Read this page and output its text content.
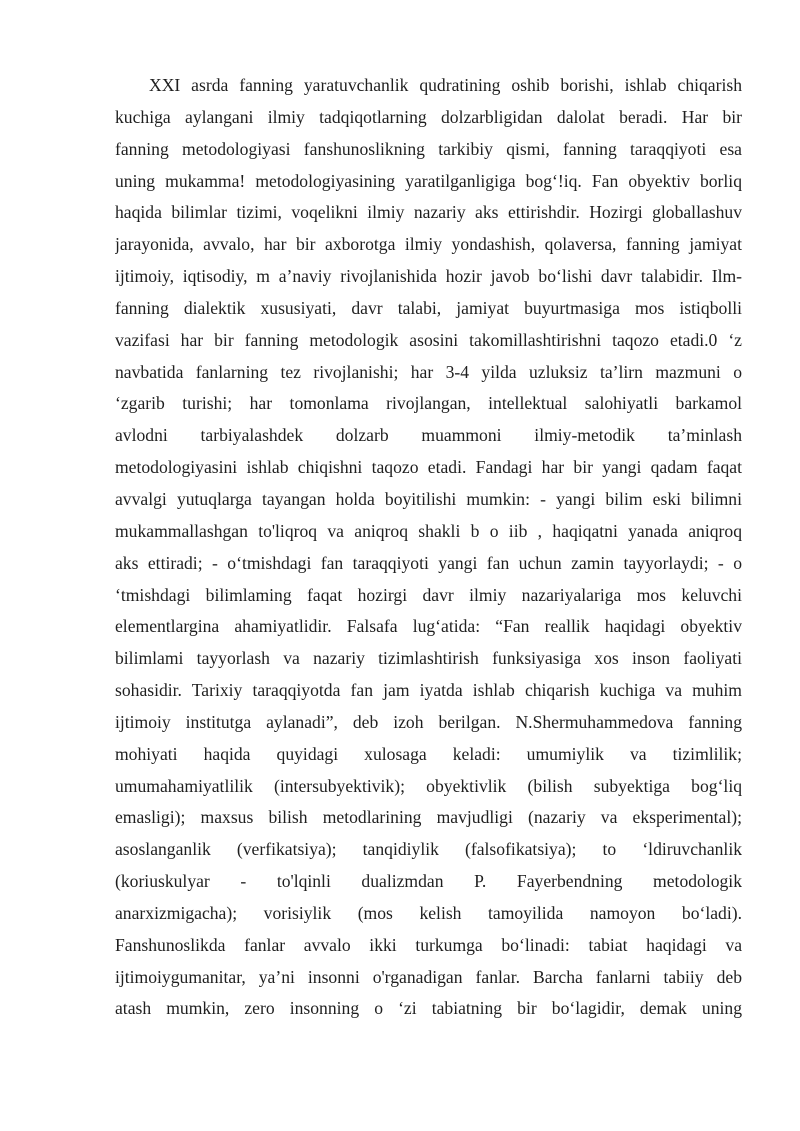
XXI asrda fanning yaratuvchanlik qudratining oshib borishi, ishlab chiqarish
kuchiga aylangani ilmiy tadqiqotlarning dolzarbligidan dalolat beradi. Har bir
fanning metodologiyasi fanshunoslikning tarkibiy qismi, fanning taraqqiyoti esa
uning mukamma! metodologiyasining yaratilganligiga bog‘!iq. Fan obyektiv borliq
haqida bilimlar tizimi, voqelikni ilmiy nazariy aks ettirishdir. Hozirgi globallashuv
jarayonida, avvalo, har bir axborotga ilmiy yondashish, qolaversa, fanning jamiyat
ijtimoiy, iqtisodiy, m a’naviy rivojlanishida hozir javob bo‘lishi davr talabidir. Ilm-
fanning dialektik xususiyati, davr talabi, jamiyat buyurtmasiga mos istiqbolli
vazifasi har bir fanning metodologik asosini takomillashtirishni taqozo etadi.0 ‘z
navbatida fanlarning tez rivojlanishi; har 3-4 yilda uzluksiz ta’lirn mazmuni o
‘zgarib turishi; har tomonlama rivojlangan, intellektual salohiyatli barkamol
avlodni tarbiyalashdek dolzarb muammoni ilmiy-metodik ta’minlash
metodologiyasini ishlab chiqishni taqozo etadi. Fandagi har bir yangi qadam faqat
avvalgi yutuqlarga tayangan holda boyitilishi mumkin: - yangi bilim eski bilimni
mukammallashgan to'liqroq va aniqroq shakli b o iib , haqiqatni yanada aniqroq
aks ettiradi; - o‘tmishdagi fan taraqqiyoti yangi fan uchun zamin tayyorlaydi; - o
‘tmishdagi bilimlaming faqat hozirgi davr ilmiy nazariyalariga mos keluvchi
elementlargina ahamiyatlidir. Falsafa lug‘atida: “Fan reallik haqidagi obyektiv
bilimlami tayyorlash va nazariy tizimlashtirish funksiyasiga xos inson faoliyati
sohasidir. Tarixiy taraqqiyotda fan jam iyatda ishlab chiqarish kuchiga va muhim
ijtimoiy institutga aylanadi”, deb izoh berilgan. N.Shermuhammedova fanning
mohiyati haqida quyidagi xulosaga keladi: umumiylik va tizimlilik;
umumahamiyatlilik (intersubyektivik); obyektivlik (bilish subyektiga bog‘liq
emasligi); maxsus bilish metodlarining mavjudligi (nazariy va eksperimental);
asoslanganlik (verfikatsiya); tanqidiylik (falsofikatsiya); to ‘ldiruvchanlik
(koriuskulyar - to'lqinli dualizmdan P. Fayerbendning metodologik
anarxizmigacha); vorisiylik (mos kelish tamoyilida namoyon bo‘ladi).
Fanshunoslikda fanlar avvalo ikki turkumga bo‘linadi: tabiat haqidagi va
ijtimoiygumanitar, ya’ni insonni o'rganadigan fanlar. Barcha fanlarni tabiiy deb
atash mumkin, zero insonning o ‘zi tabiatning bir bo‘lagidir, demak uning
